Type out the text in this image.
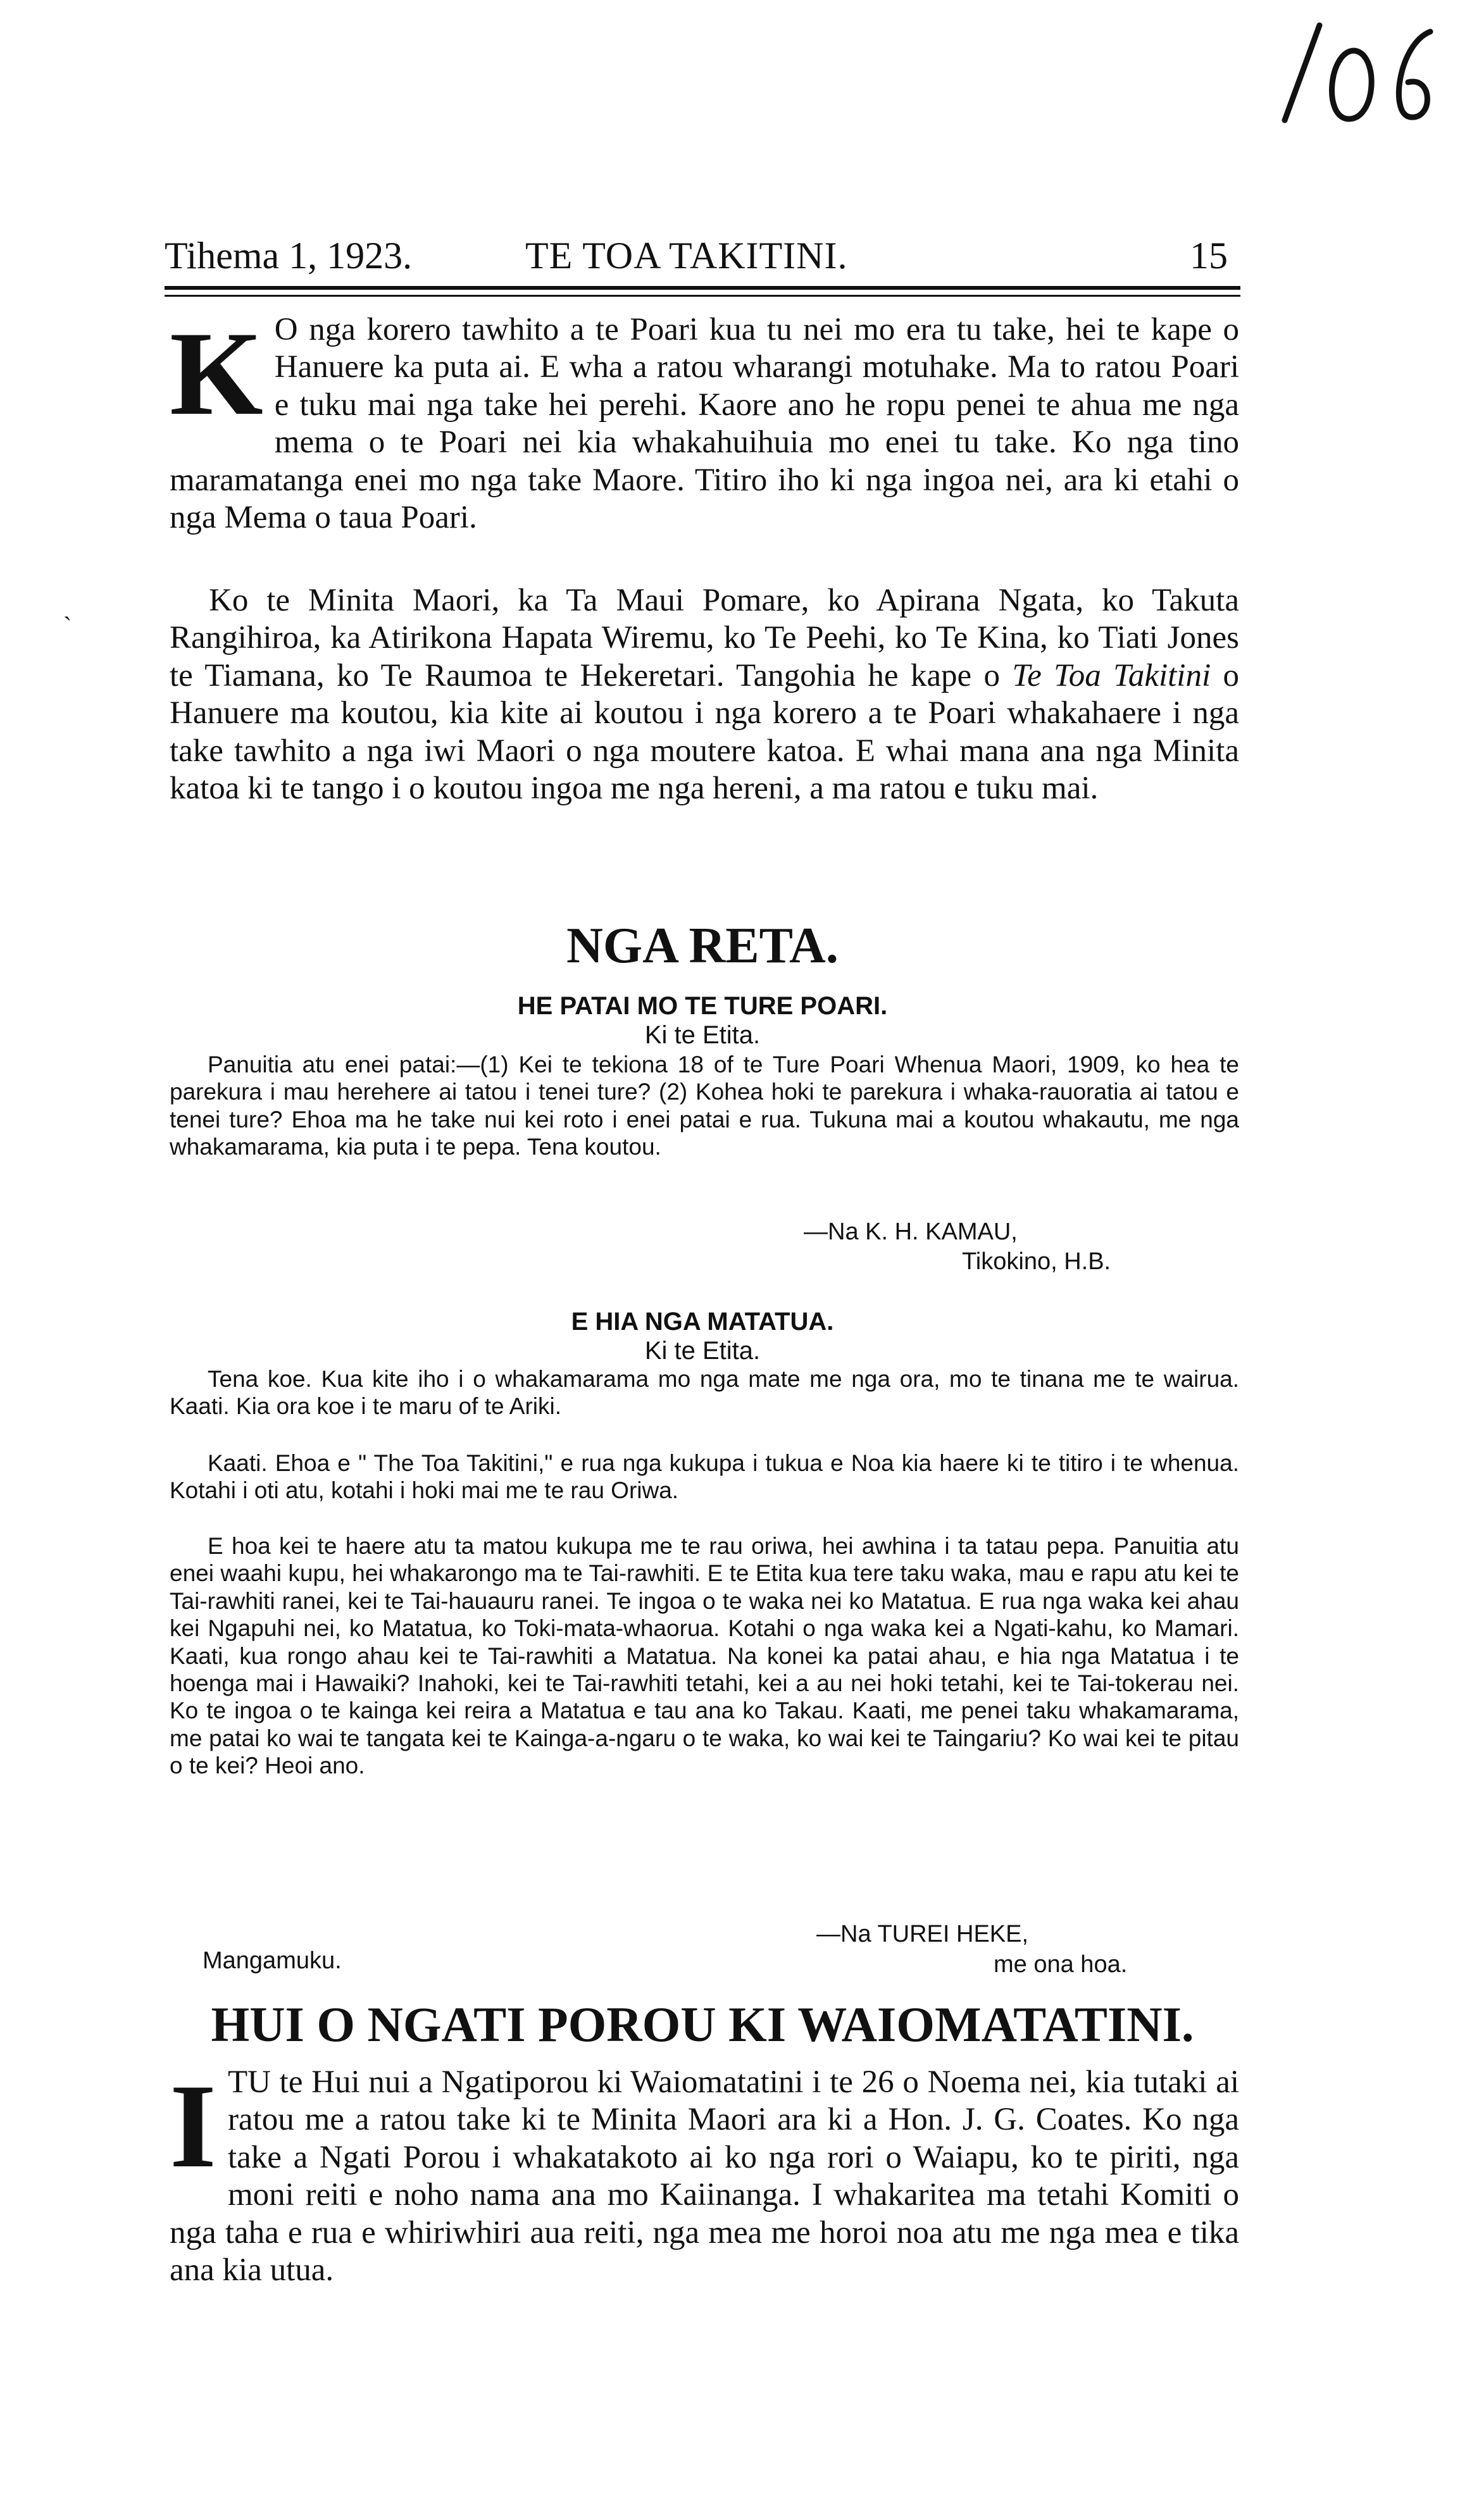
106
Tihema 1, 1923.	TE TOA TAKITINI.	15
ˏ
K O nga korero tawhito a te Poari kua tu nei mo era tu take, hei te kape o Hanuere ka puta ai. E wha a ratou wharangi motuhake. Ma to ratou Poari e tuku mai nga take hei perehi. Kaore ano he ropu penei te ahua me nga mema o te Poari nei kia whakahuihuia mo enei tu take. Ko nga tino maramatanga enei mo nga take Maore. Titiro iho ki nga ingoa nei, ara ki etahi o nga Mema o taua Poari.
Ko te Minita Maori, ka Ta Maui Pomare, ko Apirana Ngata, ko Takuta Rangihiroa, ka Atirikona Hapata Wiremu, ko Te Peehi, ko Te Kina, ko Tiati Jones te Tiamana, ko Te Raumoa te Hekeretari. Tangohia he kape o Te Toa Takitini o Hanuere ma koutou, kia kite ai koutou i nga korero a te Poari whakahaere i nga take tawhito a nga iwi Maori o nga moutere katoa. E whai mana ana nga Minita katoa ki te tango i o koutou ingoa me nga hereni, a ma ratou e tuku mai.
NGA RETA.
HE PATAI MO TE TURE POARI.
Ki te Etita.
Panuitia atu enei patai:—(1) Kei te tekiona 18 of te Ture Poari Whenua Maori, 1909, ko hea te parekura i mau herehere ai tatou i tenei ture? (2) Kohea hoki te parekura i whaka-rauoratia ai tatou e tenei ture? Ehoa ma he take nui kei roto i enei patai e rua. Tukuna mai a koutou whakautu, me nga whakamarama, kia puta i te pepa. Tena koutou.
—Na K. H. KAMAU,
Tikokino, H.B.
E HIA NGA MATATUA.
Ki te Etita.
Tena koe. Kua kite iho i o whakamarama mo nga mate me nga ora, mo te tinana me te wairua. Kaati. Kia ora koe i te maru of te Ariki.
Kaati. Ehoa e " The Toa Takitini," e rua nga kukupa i tukua e Noa kia haere ki te titiro i te whenua. Kotahi i oti atu, kotahi i hoki mai me te rau Oriwa.
E hoa kei te haere atu ta matou kukupa me te rau oriwa, hei awhina i ta tatau pepa. Panuitia atu enei waahi kupu, hei whakarongo ma te Tai-rawhiti. E te Etita kua tere taku waka, mau e rapu atu kei te Tai-rawhiti ranei, kei te Tai-hauauru ranei. Te ingoa o te waka nei ko Matatua. E rua nga waka kei ahau kei Ngapuhi nei, ko Matatua, ko Toki-mata-whaorua. Kotahi o nga waka kei a Ngati-kahu, ko Mamari. Kaati, kua rongo ahau kei te Tai-rawhiti a Matatua. Na konei ka patai ahau, e hia nga Matatua i te hoenga mai i Hawaiki? Inahoki, kei te Tai-rawhiti tetahi, kei a au nei hoki tetahi, kei te Tai-tokerau nei. Ko te ingoa o te kainga kei reira a Matatua e tau ana ko Takau. Kaati, me penei taku whakamarama, me patai ko wai te tangata kei te Kainga-a-ngaru o te waka, ko wai kei te Taingariu? Ko wai kei te pitau o te kei? Heoi ano.
—Na TUREI HEKE,
Mangamuku.	me ona hoa.
HUI O NGATI POROU KI WAIOMATATINI.
I TU te Hui nui a Ngatiporou ki Waiomatatini i te 26 o Noema nei, kia tutaki ai ratou me a ratou take ki te Minita Maori ara ki a Hon. J. G. Coates. Ko nga take a Ngati Porou i whakatakoto ai ko nga rori o Waiapu, ko te piriti, nga moni reiti e noho nama ana mo Kaiinanga. I whakaritea ma tetahi Komiti o nga taha e rua e whiriwhiri aua reiti, nga mea me horoi noa atu me nga mea e tika ana kia utua.
